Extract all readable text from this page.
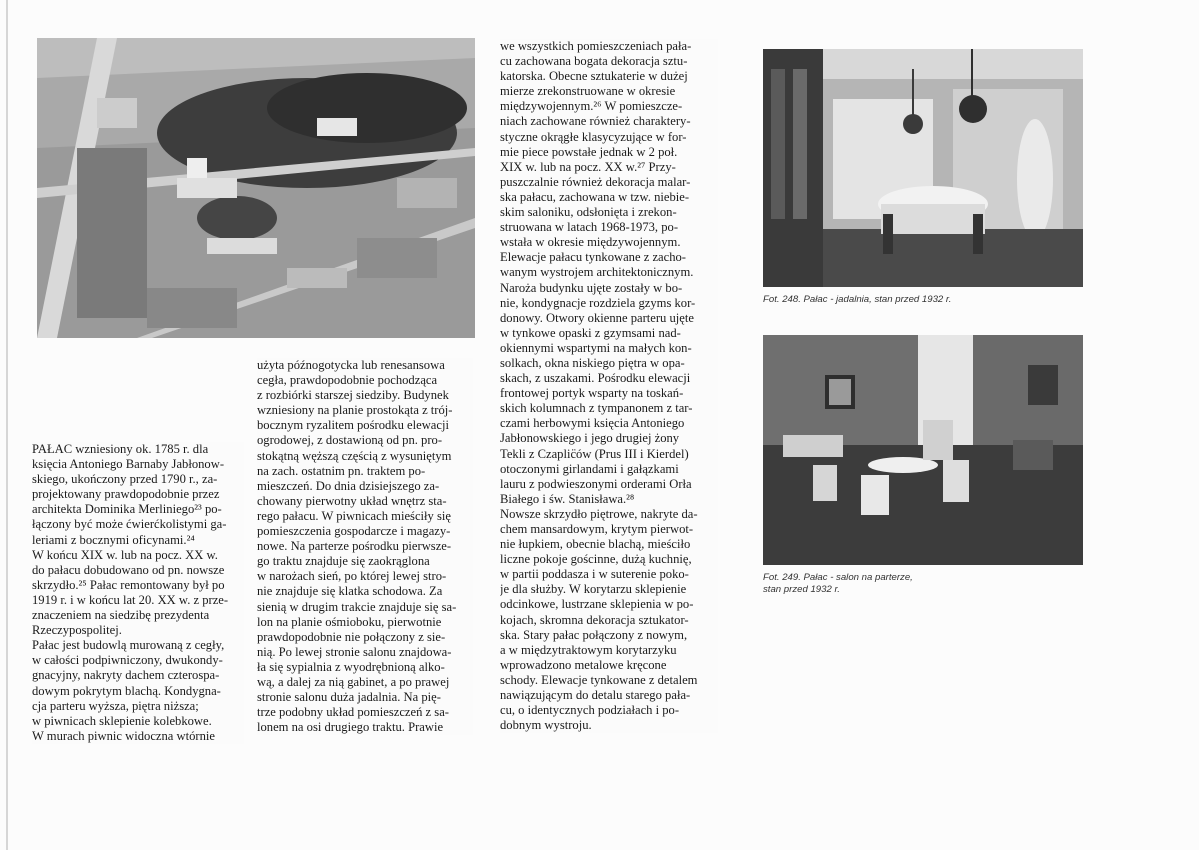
PAŁAC wzniesiony ok. 1785 r. dla
księcia Antoniego Barnaby Jabłonow-
skiego, ukończony przed 1790 r., za-
projektowany prawdopodobnie przez
architekta Dominika Merliniego²³ po-
łączony być może ćwierćkolistymi ga-
leriami z bocznymi oficynami.²⁴
W końcu XIX w. lub na pocz. XX w.
do pałacu dobudowano od pn. nowsze
skrzydło.²⁵ Pałac remontowany był po
1919 r. i w końcu lat 20. XX w. z prze-
znaczeniem na siedzibę prezydenta
Rzeczypospolitej.
Pałac jest budowlą murowaną z cegły,
w całości podpiwniczony, dwukondy-
gnacyjny, nakryty dachem czterospa-
dowym pokrytym blachą. Kondygna-
cja parteru wyższa, piętra niższa;
w piwnicach sklepienie kolebkowe.
W murach piwnic widoczna wtórnie
użyta późnogotycka lub renesansowa
cegła, prawdopodobnie pochodząca
z rozbiórki starszej siedziby. Budynek
wzniesiony na planie prostokąta z trój-
bocznym ryzalitem pośrodku elewacji
ogrodowej, z dostawioną od pn. pro-
stokątną węższą częścią z wysuniętym
na zach. ostatnim pn. traktem po-
mieszczeń. Do dnia dzisiejszego za-
chowany pierwotny układ wnętrz sta-
rego pałacu. W piwnicach mieściły się
pomieszczenia gospodarcze i magazy-
nowe. Na parterze pośrodku pierwsze-
go traktu znajduje się zaokrąglona
w narożach sień, po której lewej stro-
nie znajduje się klatka schodowa. Za
sienią w drugim trakcie znajduje się sa-
lon na planie ośmioboku, pierwotnie
prawdopodobnie nie połączony z sie-
nią. Po lewej stronie salonu znajdowa-
ła się sypialnia z wyodrębnioną alko-
wą, a dalej za nią gabinet, a po prawej
stronie salonu duża jadalnia. Na pię-
trze podobny układ pomieszczeń z sa-
lonem na osi drugiego traktu. Prawie
we wszystkich pomieszczeniach pała-
cu zachowana bogata dekoracja sztu-
katorska. Obecne sztukaterie w dużej
mierze zrekonstruowane w okresie
międzywojennym.²⁶ W pomieszcze-
niach zachowane również charaktery-
styczne okrągłe klasycyzujące w for-
mie piece powstałe jednak w 2 poł.
XIX w. lub na pocz. XX w.²⁷ Przy-
puszczalnie również dekoracja malar-
ska pałacu, zachowana w tzw. niebie-
skim saloniku, odsłonięta i zrekon-
struowana w latach 1968-1973, po-
wstała w okresie międzywojennym.
Elewacje pałacu tynkowane z zacho-
wanym wystrojem architektonicznym.
Naroża budynku ujęte zostały w bo-
nie, kondygnacje rozdziela gzyms kor-
donowy. Otwory okienne parteru ujęte
w tynkowe opaski z gzymsami nad-
okiennymi wspartymi na małych kon-
solkach, okna niskiego piętra w opa-
skach, z uszakami. Pośrodku elewacji
frontowej portyk wsparty na toskań-
skich kolumnach z tympanonem z tar-
czami herbowymi księcia Antoniego
Jabłonowskiego i jego drugiej żony
Tekli z Czaplic̈ów (Prus III i Kierdel)
otoczonymi girlandami i gałązkami
lauru z podwieszonymi orderami Orła
Białego i św. Stanisława.²⁸
Nowsze skrzydło piętrowe, nakryte da-
chem mansardowym, krytym pierwot-
nie łupkiem, obecnie blachą, mieściło
liczne pokoje gościnne, dużą kuchnię,
w partii poddasza i w suterenie poko-
je dla służby. W korytarzu sklepienie
odcinkowe, lustrzane sklepienia w po-
kojach, skromna dekoracja sztukator-
ska. Stary pałac połączony z nowym,
a w międzytraktowym korytarzyku
wprowadzono metalowe kręcone
schody. Elewacje tynkowane z detalem
nawiązującym do detalu starego pała-
cu, o identycznych podziałach i po-
dobnym wystroju.
Fot. 248. Pałac - jadalnia, stan przed 1932 r.
Fot. 249. Pałac - salon na parterze,
stan przed 1932 r.
